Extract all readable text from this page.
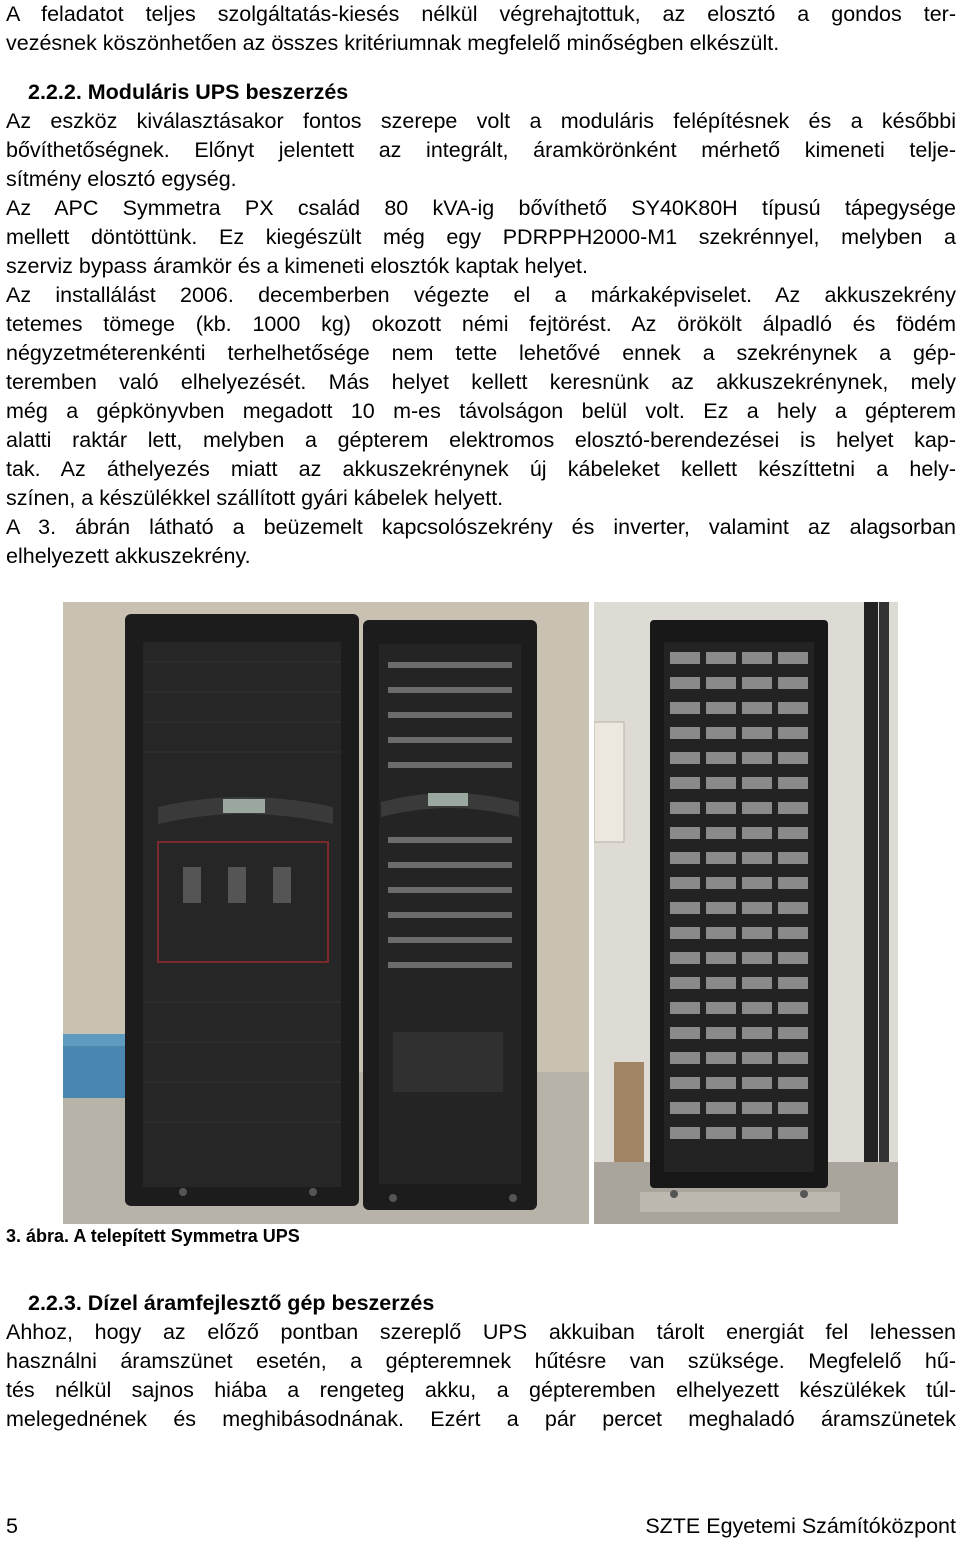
A feladatot teljes szolgáltatás-kiesés nélkül végrehajtottuk, az elosztó a gondos ter-
vezésnek köszönhetően az összes kritériumnak megfelelő minőségben elkészült.
2.2.2. Moduláris UPS beszerzés
Az eszköz kiválasztásakor fontos szerepe volt a moduláris felépítésnek és a későbbi
bővíthetőségnek. Előnyt jelentett az integrált, áramkörönként mérhető kimeneti telje-
sítmény elosztó egység.
Az APC Symmetra PX család 80 kVA-ig bővíthető SY40K80H típusú tápegysége
mellett döntöttünk. Ez kiegészült még egy PDRPPH2000-M1 szekrénnyel, melyben a
szerviz bypass áramkör és a kimeneti elosztók kaptak helyet.
Az installálást 2006. decemberben végezte el a márkaképviselet. Az akkuszekrény
tetemes tömege (kb. 1000 kg) okozott némi fejtörést. Az örökölt álpadló és födém
négyzetméterenkénti terhelhetősége nem tette lehetővé ennek a szekrénynek a gép-
teremben való elhelyezését. Más helyet kellett keresnünk az akkuszekrénynek, mely
még a gépkönyvben megadott 10 m-es távolságon belül volt. Ez a hely a gépterem
alatti raktár lett, melyben a gépterem elektromos elosztó-berendezései is helyet kap-
tak. Az áthelyezés miatt az akkuszekrénynek új kábeleket kellett készíttetni a hely-
színen, a készülékkel szállított gyári kábelek helyett.
A 3. ábrán látható a beüzemelt kapcsolószekrény és inverter, valamint az alagsorban
elhelyezett akkuszekrény.
2.2.3. Dízel áramfejlesztő gép beszerzés
Ahhoz, hogy az előző pontban szereplő UPS akkuiban tárolt energiát fel lehessen
használni áramszünet esetén, a gépteremnek hűtésre van szüksége. Megfelelő hű-
tés nélkül sajnos hiába a rengeteg akku, a gépteremben elhelyezett készülékek túl-
melegednének és meghibásodnának. Ezért a pár percet meghaladó áramszünetek
3. ábra. A telepített Symmetra UPS
5	SZTE Egyetemi Számítóközpont
